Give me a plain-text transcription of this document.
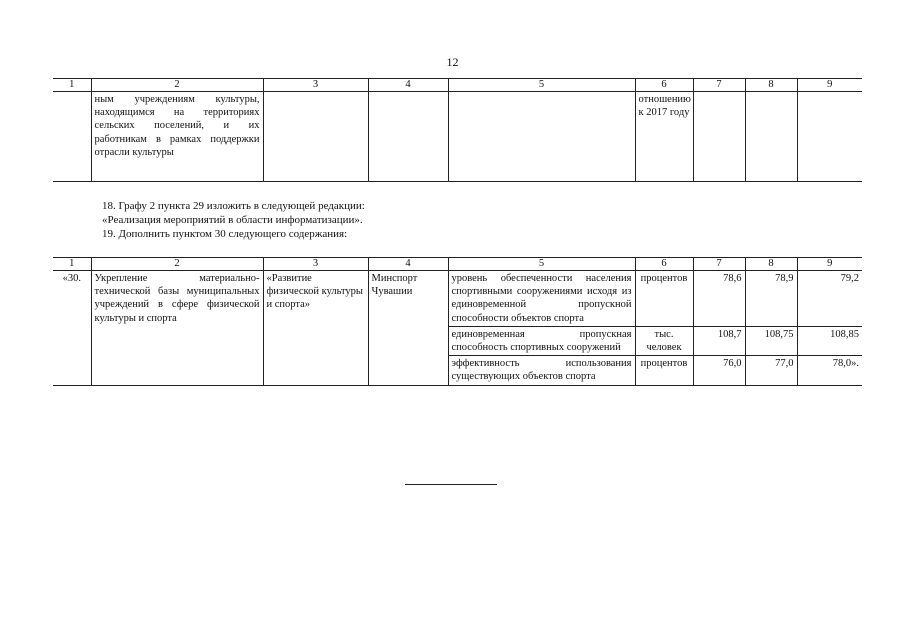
12
1	2	3	4	5	6	7	8	9
	ным учреждениям культуры, находящимся на территориях сельских поселений, и их работникам в рамках поддержки отрасли культуры				отношению к 2017 году			
18. Графу 2 пункта 29 изложить в следующей редакции:
«Реализация мероприятий в области информатизации».
19. Дополнить пунктом 30 следующего содержания:
1	2	3	4	5	6	7	8	9
«30.	Укрепление материально-технической базы муниципальных учреждений в сфере физической культуры и спорта	«Развитие физической культуры и спорта»	Минспорт Чувашии	уровень обеспеченности населения спортивными сооружениями исходя из единовременной пропускной способности объектов спорта	процентов	78,6	78,9	79,2
				единовременная пропускная способность спортивных сооружений	тыс. человек	108,7	108,75	108,85
				эффективность использования существующих объектов спорта	процентов	76,0	77,0	78,0».
